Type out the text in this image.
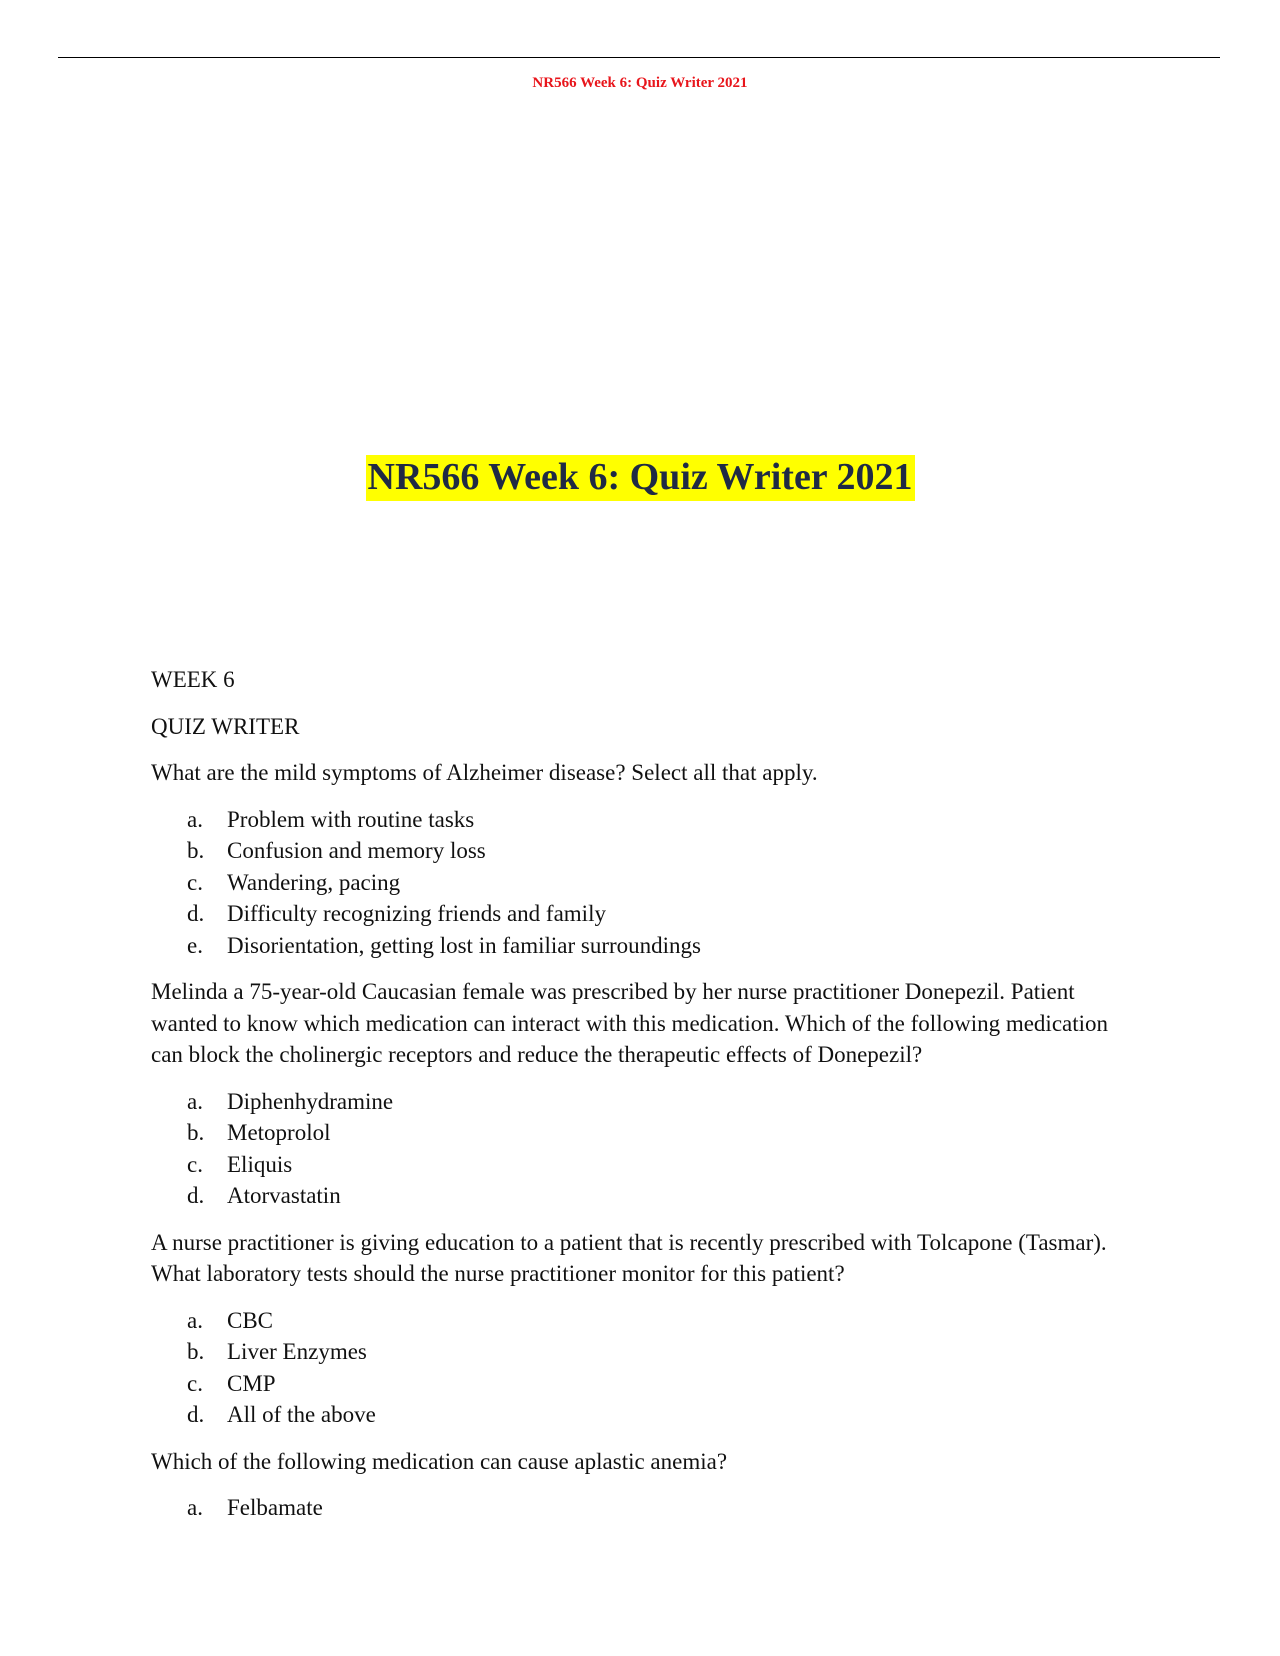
NR566 Week 6: Quiz Writer 2021
NR566 Week 6: Quiz Writer 2021

WEEK 6

QUIZ WRITER

What are the mild symptoms of Alzheimer disease? Select all that apply.

a. Problem with routine tasks
b. Confusion and memory loss
c. Wandering, pacing
d. Difficulty recognizing friends and family
e. Disorientation, getting lost in familiar surroundings

Melinda a 75-year-old Caucasian female was prescribed by her nurse practitioner Donepezil. Patient wanted to know which medication can interact with this medication. Which of the following medication can block the cholinergic receptors and reduce the therapeutic effects of Donepezil?

a. Diphenhydramine
b. Metoprolol
c. Eliquis
d. Atorvastatin

A nurse practitioner is giving education to a patient that is recently prescribed with Tolcapone (Tasmar). What laboratory tests should the nurse practitioner monitor for this patient?

a. CBC
b. Liver Enzymes
c. CMP
d. All of the above

Which of the following medication can cause aplastic anemia?

a. Felbamate
